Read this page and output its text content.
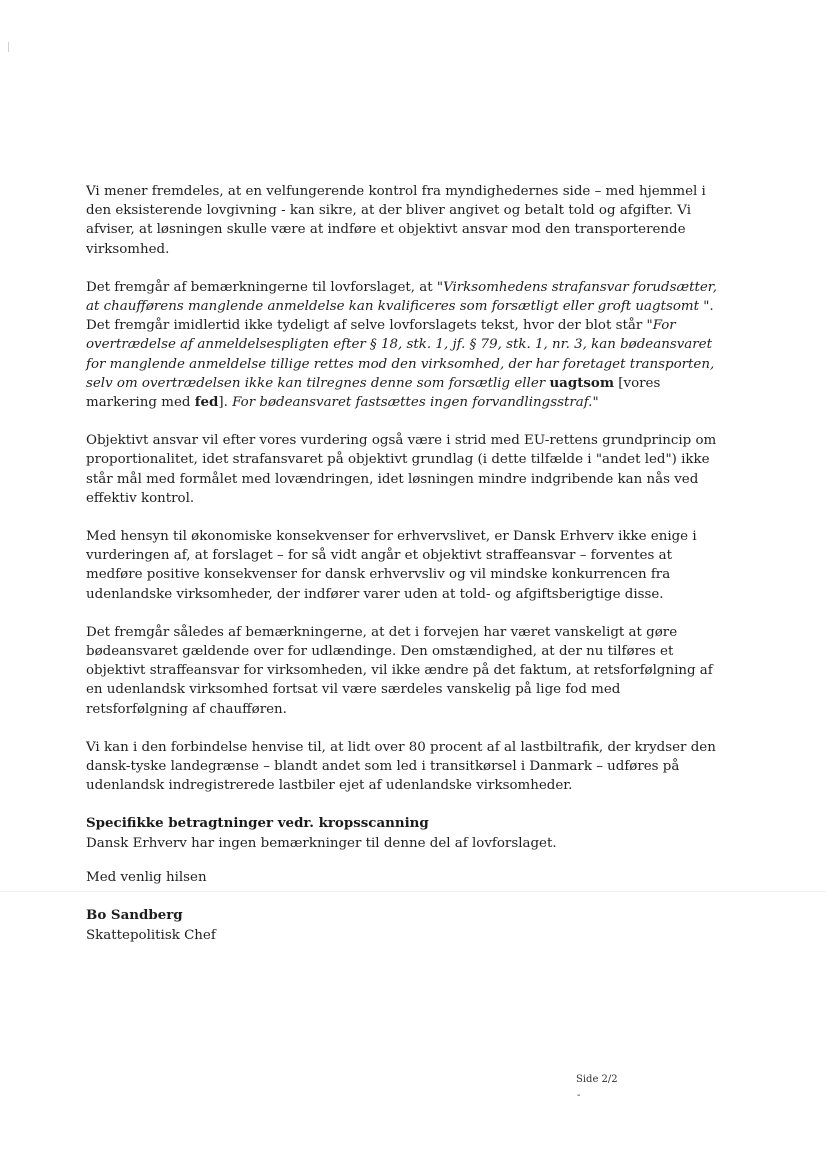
Vi mener fremdeles, at en velfungerende kontrol fra myndighedernes side – med hjemmel i den eksisterende lovgivning - kan sikre, at der bliver angivet og betalt told og afgifter. Vi afviser, at løsningen skulle være at indføre et objektivt ansvar mod den transporterende virksomhed.

Det fremgår af bemærkningerne til lovforslaget, at "Virksomhedens strafansvar forudsætter, at chaufførens manglende anmeldelse kan kvalificeres som forsætligt eller groft uagtsomt ". Det fremgår imidlertid ikke tydeligt af selve lovforslagets tekst, hvor der blot står "For overtrædelse af anmeldelsespligten efter § 18, stk. 1, jf. § 79, stk. 1, nr. 3, kan bødeansvaret for manglende anmeldelse tillige rettes mod den virksomhed, der har foretaget transporten, selv om overtrædelsen ikke kan tilregnes denne som forsætlig eller uagtsom [vores markering med fed]. For bødeansvaret fastsættes ingen forvandlingsstraf."

Objektivt ansvar vil efter vores vurdering også være i strid med EU-rettens grundprincip om proportionalitet, idet strafansvaret på objektivt grundlag (i dette tilfælde i "andet led") ikke står mål med formålet med lovændringen, idet løsningen mindre indgribende kan nås ved effektiv kontrol.

Med hensyn til økonomiske konsekvenser for erhvervslivet, er Dansk Erhverv ikke enige i vurderingen af, at forslaget – for så vidt angår et objektivt straffeansvar – forventes at medføre positive konsekvenser for dansk erhvervsliv og vil mindske konkurrencen fra udenlandske virksomheder, der indfører varer uden at told- og afgiftsberigtige disse.

Det fremgår således af bemærkningerne, at det i forvejen har været vanskeligt at gøre bødeansvaret gældende over for udlændinge. Den omstændighed, at der nu tilføres et objektivt straffeansvar for virksomheden, vil ikke ændre på det faktum, at retsforfølgning af en udenlandsk virksomhed fortsat vil være særdeles vanskelig på lige fod med retsforfølgning af chaufføren.

Vi kan i den forbindelse henvise til, at lidt over 80 procent af al lastbiltrafik, der krydser den dansk-tyske landegrænse – blandt andet som led i transitkørsel i Danmark – udføres på udenlandsk indregistrerede lastbiler ejet af udenlandske virksomheder.

Specifikke betragtninger vedr. kropsscanning

Dansk Erhverv har ingen bemærkninger til denne del af lovforslaget.

Med venlig hilsen
Bo Sandberg
Skattepolitisk Chef
Side 2/2
-
